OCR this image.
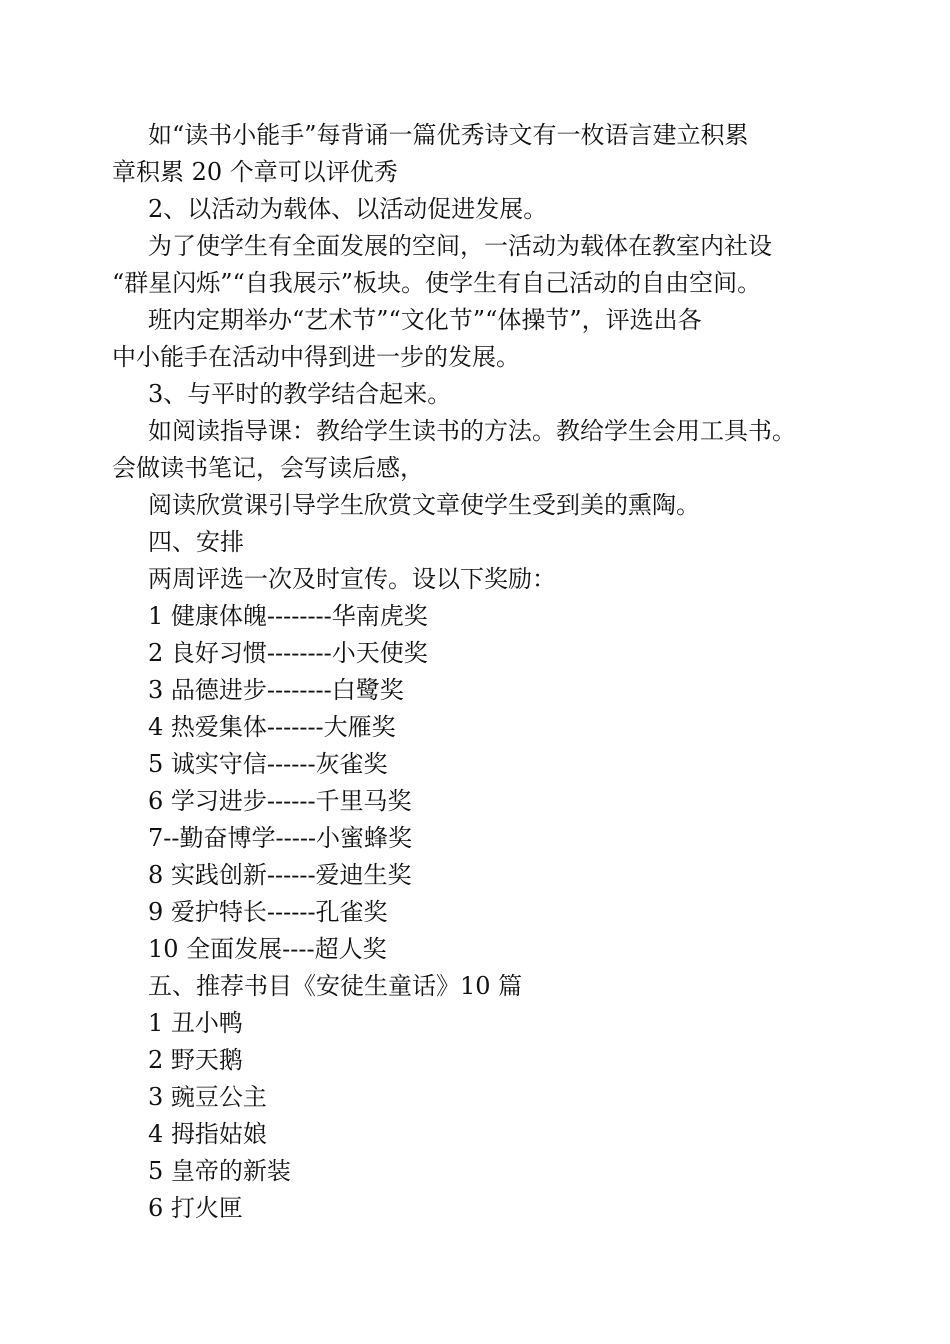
如“读书小能手”每背诵一篇优秀诗文有一枚语言建立积累
章积累 20 个章可以评优秀
2、以活动为载体、以活动促进发展。
为了使学生有全面发展的空间，一活动为载体在教室内社设
“群星闪烁”“自我展示”板块。使学生有自己活动的自由空间。
班内定期举办“艺术节”“文化节”“体操节”，评选出各
中小能手在活动中得到进一步的发展。
3、与平时的教学结合起来。
如阅读指导课：教给学生读书的方法。教给学生会用工具书。
会做读书笔记，会写读后感，
阅读欣赏课引导学生欣赏文章使学生受到美的熏陶。
四、安排
两周评选一次及时宣传。设以下奖励：
1 健康体魄--------华南虎奖
2 良好习惯--------小天使奖
3 品德进步--------白鹭奖
4 热爱集体-------大雁奖
5 诚实守信------灰雀奖
6 学习进步------千里马奖
7--勤奋博学-----小蜜蜂奖
8 实践创新------爱迪生奖
9 爱护特长------孔雀奖
10 全面发展----超人奖
五、推荐书目《安徒生童话》10 篇
1 丑小鸭
2 野天鹅
3 豌豆公主
4 拇指姑娘
5 皇帝的新装
6 打火匣
